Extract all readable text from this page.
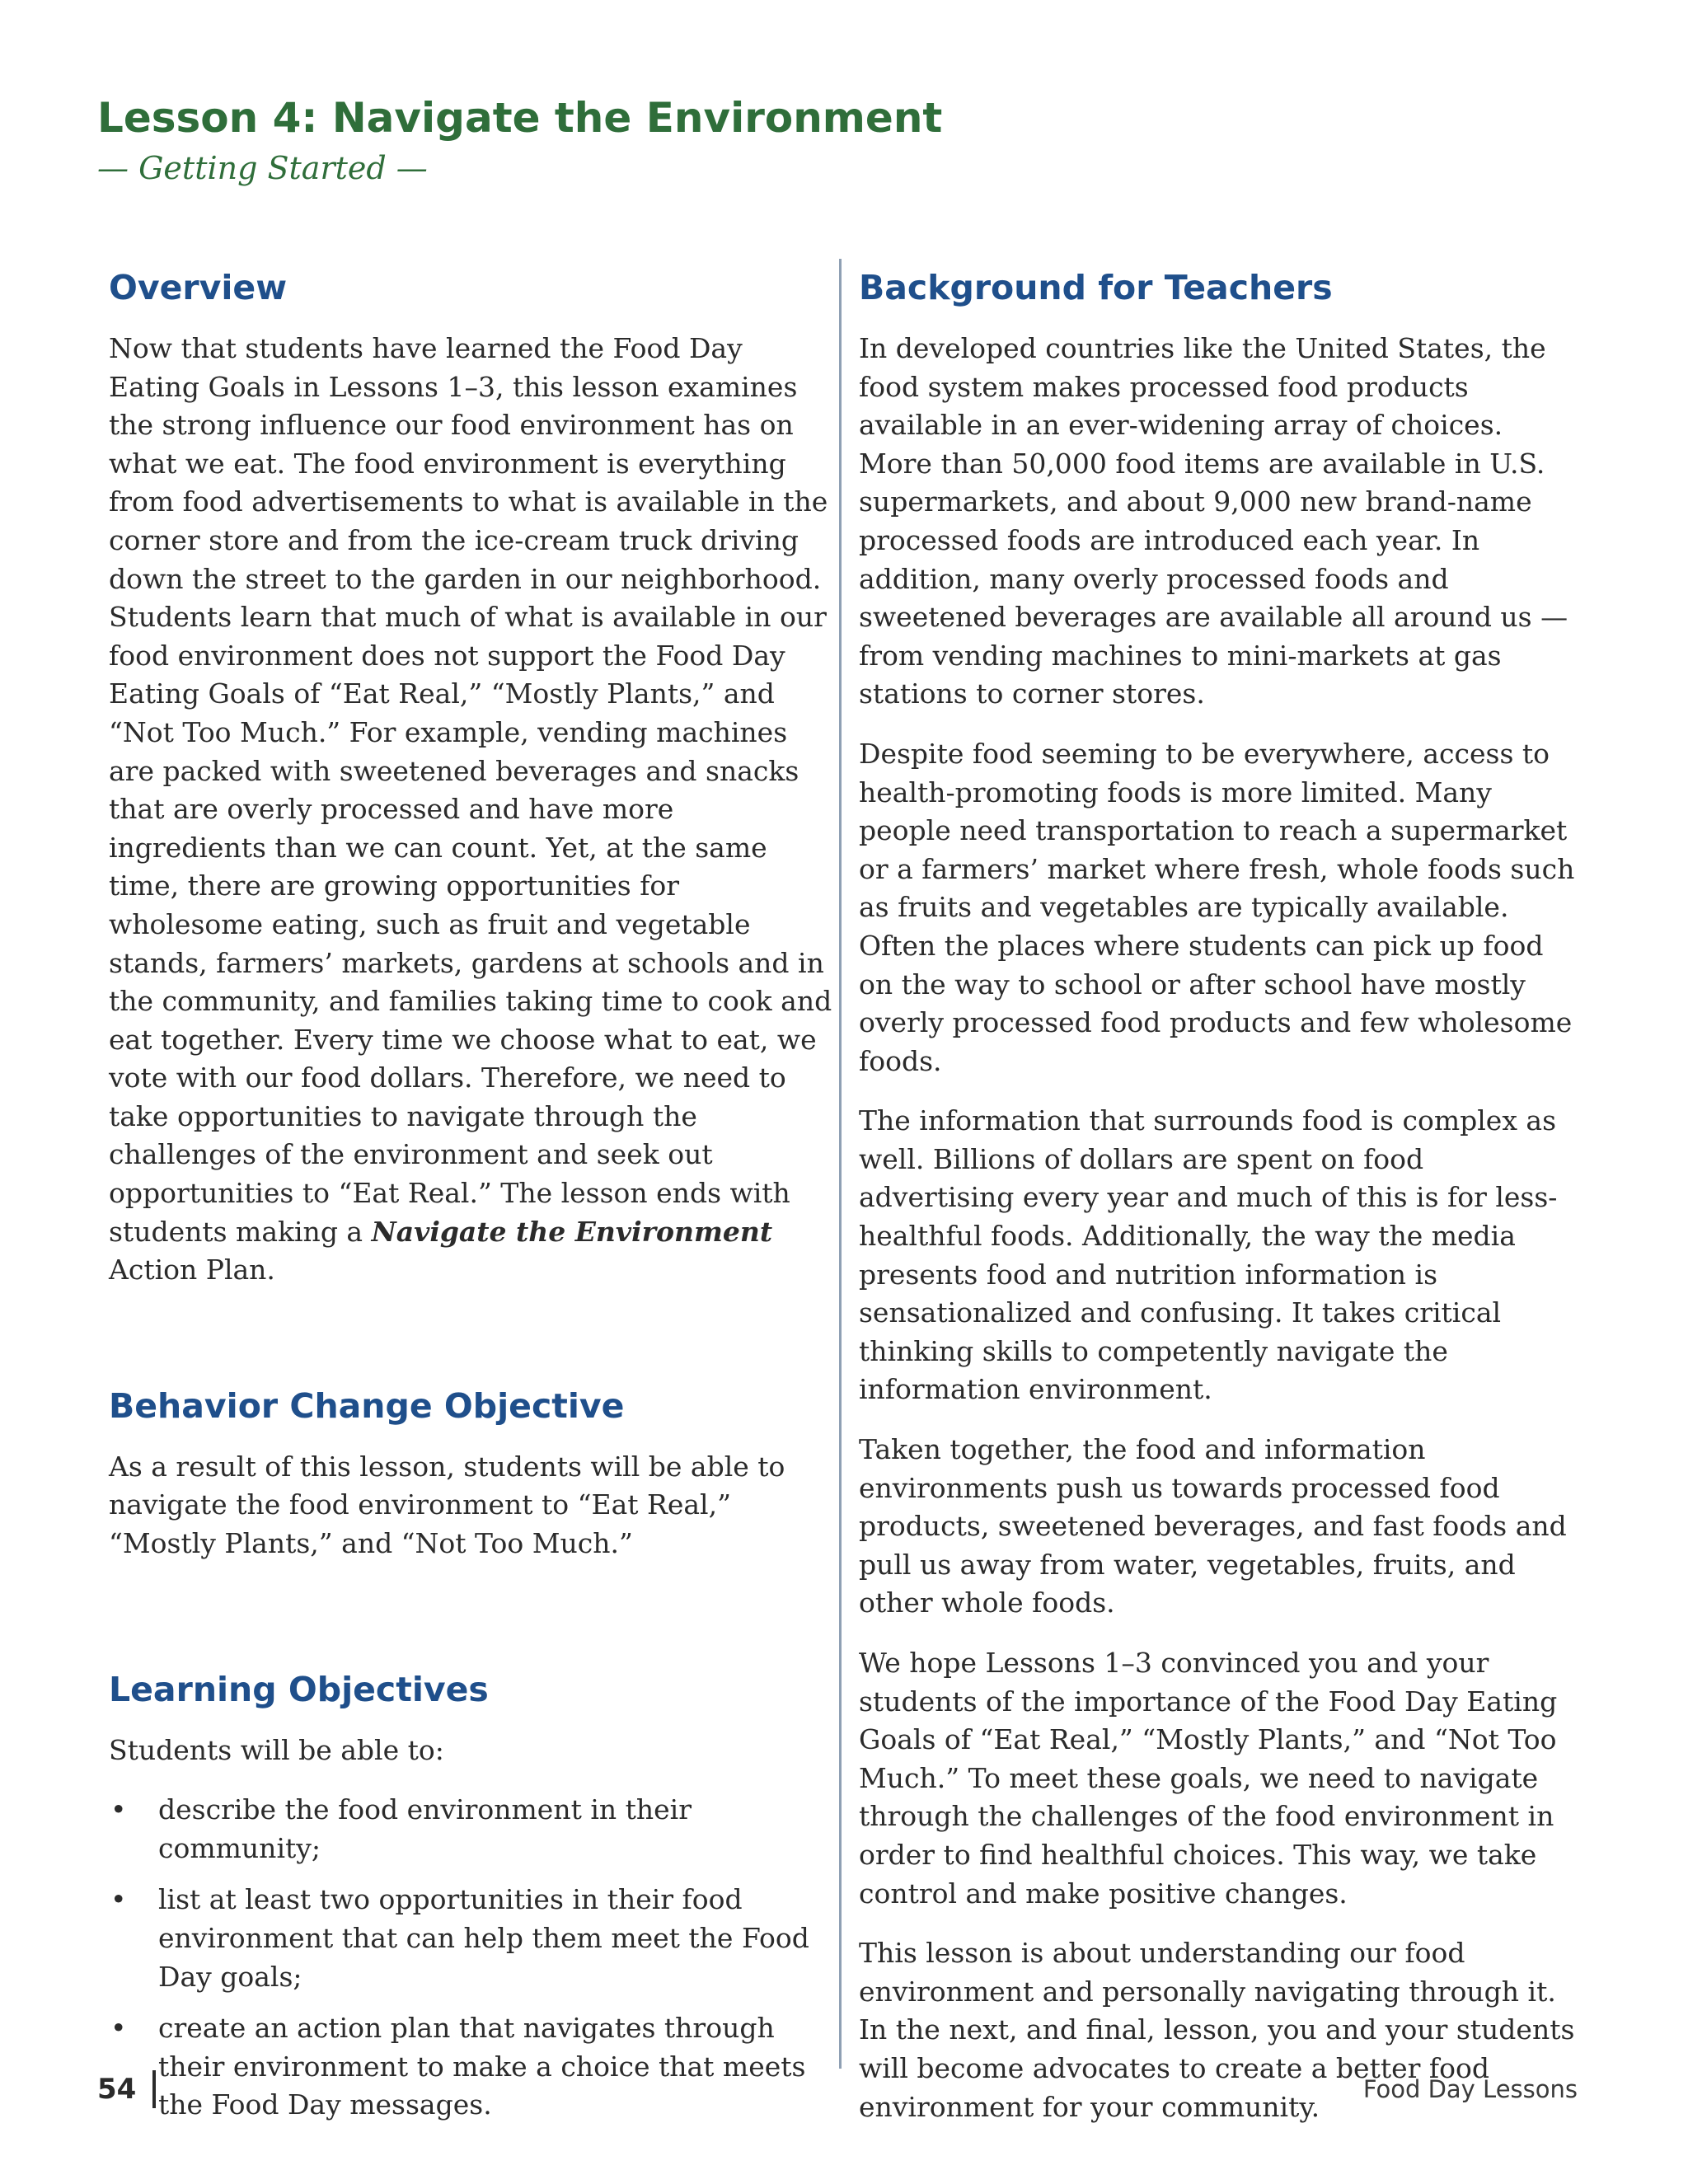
Lesson 4: Navigate the Environment

— Getting Started —

Overview

Now that students have learned the Food Day Eating Goals in Lessons 1–3, this lesson examines the strong influence our food environment has on what we eat. The food environment is everything from food advertisements to what is available in the corner store and from the ice-cream truck driving down the street to the garden in our neighborhood. Students learn that much of what is available in our food environment does not support the Food Day Eating Goals of “Eat Real,” “Mostly Plants,” and “Not Too Much.” For example, vending machines are packed with sweetened beverages and snacks that are overly processed and have more ingredients than we can count. Yet, at the same time, there are growing opportunities for wholesome eating, such as fruit and vegetable stands, farmers’ markets, gardens at schools and in the community, and families taking time to cook and eat together. Every time we choose what to eat, we vote with our food dollars. Therefore, we need to take opportunities to navigate through the challenges of the environment and seek out opportunities to “Eat Real.” The lesson ends with students making a Navigate the Environment Action Plan.

Behavior Change Objective

As a result of this lesson, students will be able to navigate the food environment to “Eat Real,” “Mostly Plants,” and “Not Too Much.”

Learning Objectives

Students will be able to:

• describe the food environment in their community;
• list at least two opportunities in their food environment that can help them meet the Food Day goals;
• create an action plan that navigates through their environment to make a choice that meets the Food Day messages.
Background for Teachers

In developed countries like the United States, the food system makes processed food products available in an ever-widening array of choices. More than 50,000 food items are available in U.S. supermarkets, and about 9,000 new brand-name processed foods are introduced each year. In addition, many overly processed foods and sweetened beverages are available all around us — from vending machines to mini-markets at gas stations to corner stores.

Despite food seeming to be everywhere, access to health-promoting foods is more limited. Many people need transportation to reach a supermarket or a farmers’ market where fresh, whole foods such as fruits and vegetables are typically available. Often the places where students can pick up food on the way to school or after school have mostly overly processed food products and few wholesome foods.

The information that surrounds food is complex as well. Billions of dollars are spent on food advertising every year and much of this is for less-healthful foods. Additionally, the way the media presents food and nutrition information is sensationalized and confusing. It takes critical thinking skills to competently navigate the information environment.

Taken together, the food and information environments push us towards processed food products, sweetened beverages, and fast foods and pull us away from water, vegetables, fruits, and other whole foods.

We hope Lessons 1–3 convinced you and your students of the importance of the Food Day Eating Goals of “Eat Real,” “Mostly Plants,” and “Not Too Much.” To meet these goals, we need to navigate through the challenges of the food environment in order to find healthful choices. This way, we take control and make positive changes.

This lesson is about understanding our food environment and personally navigating through it. In the next, and final, lesson, you and your students will become advocates to create a better food environment for your community.

54	Food Day Lessons
